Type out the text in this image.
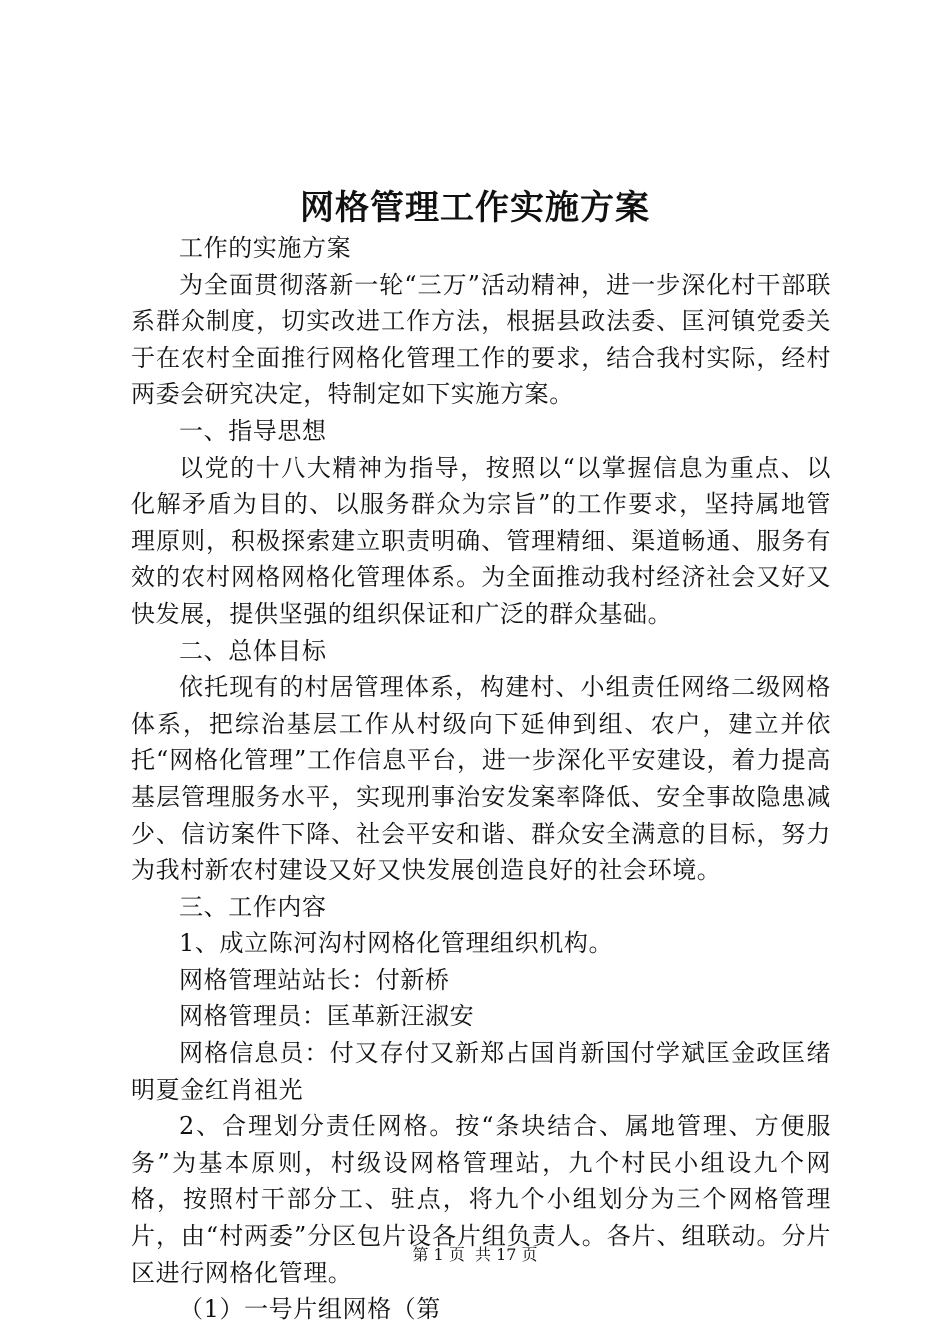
网格管理工作实施方案

工作的实施方案

为全面贯彻落新一轮“三万”活动精神，进一步深化村干部联系群众制度，切实改进工作方法，根据县政法委、匡河镇党委关于在农村全面推行网格化管理工作的要求，结合我村实际，经村两委会研究决定，特制定如下实施方案。

一、指导思想

以党的十八大精神为指导，按照以“以掌握信息为重点、以化解矛盾为目的、以服务群众为宗旨”的工作要求，坚持属地管理原则，积极探索建立职责明确、管理精细、渠道畅通、服务有效的农村网格网格化管理体系。为全面推动我村经济社会又好又快发展，提供坚强的组织保证和广泛的群众基础。

二、总体目标

依托现有的村居管理体系，构建村、小组责任网络二级网格体系，把综治基层工作从村级向下延伸到组、农户，建立并依托“网格化管理”工作信息平台，进一步深化平安建设，着力提高基层管理服务水平，实现刑事治安发案率降低、安全事故隐患减少、信访案件下降、社会平安和谐、群众安全满意的目标，努力为我村新农村建设又好又快发展创造良好的社会环境。

三、工作内容

1、成立陈河沟村网格化管理组织机构。

网格管理站站长：付新桥

网格管理员：匡革新汪淑安

网格信息员：付又存付又新郑占国肖新国付学斌匡金政匡绪明夏金红肖祖光

2、合理划分责任网格。按“条块结合、属地管理、方便服务”为基本原则，村级设网格管理站，九个村民小组设九个网格，按照村干部分工、驻点，将九个小组划分为三个网格管理片，由“村两委”分区包片设各片组负责人。各片、组联动。分片区进行网格化管理。

（1）一号片组网格（第

第 1 页  共 17 页
